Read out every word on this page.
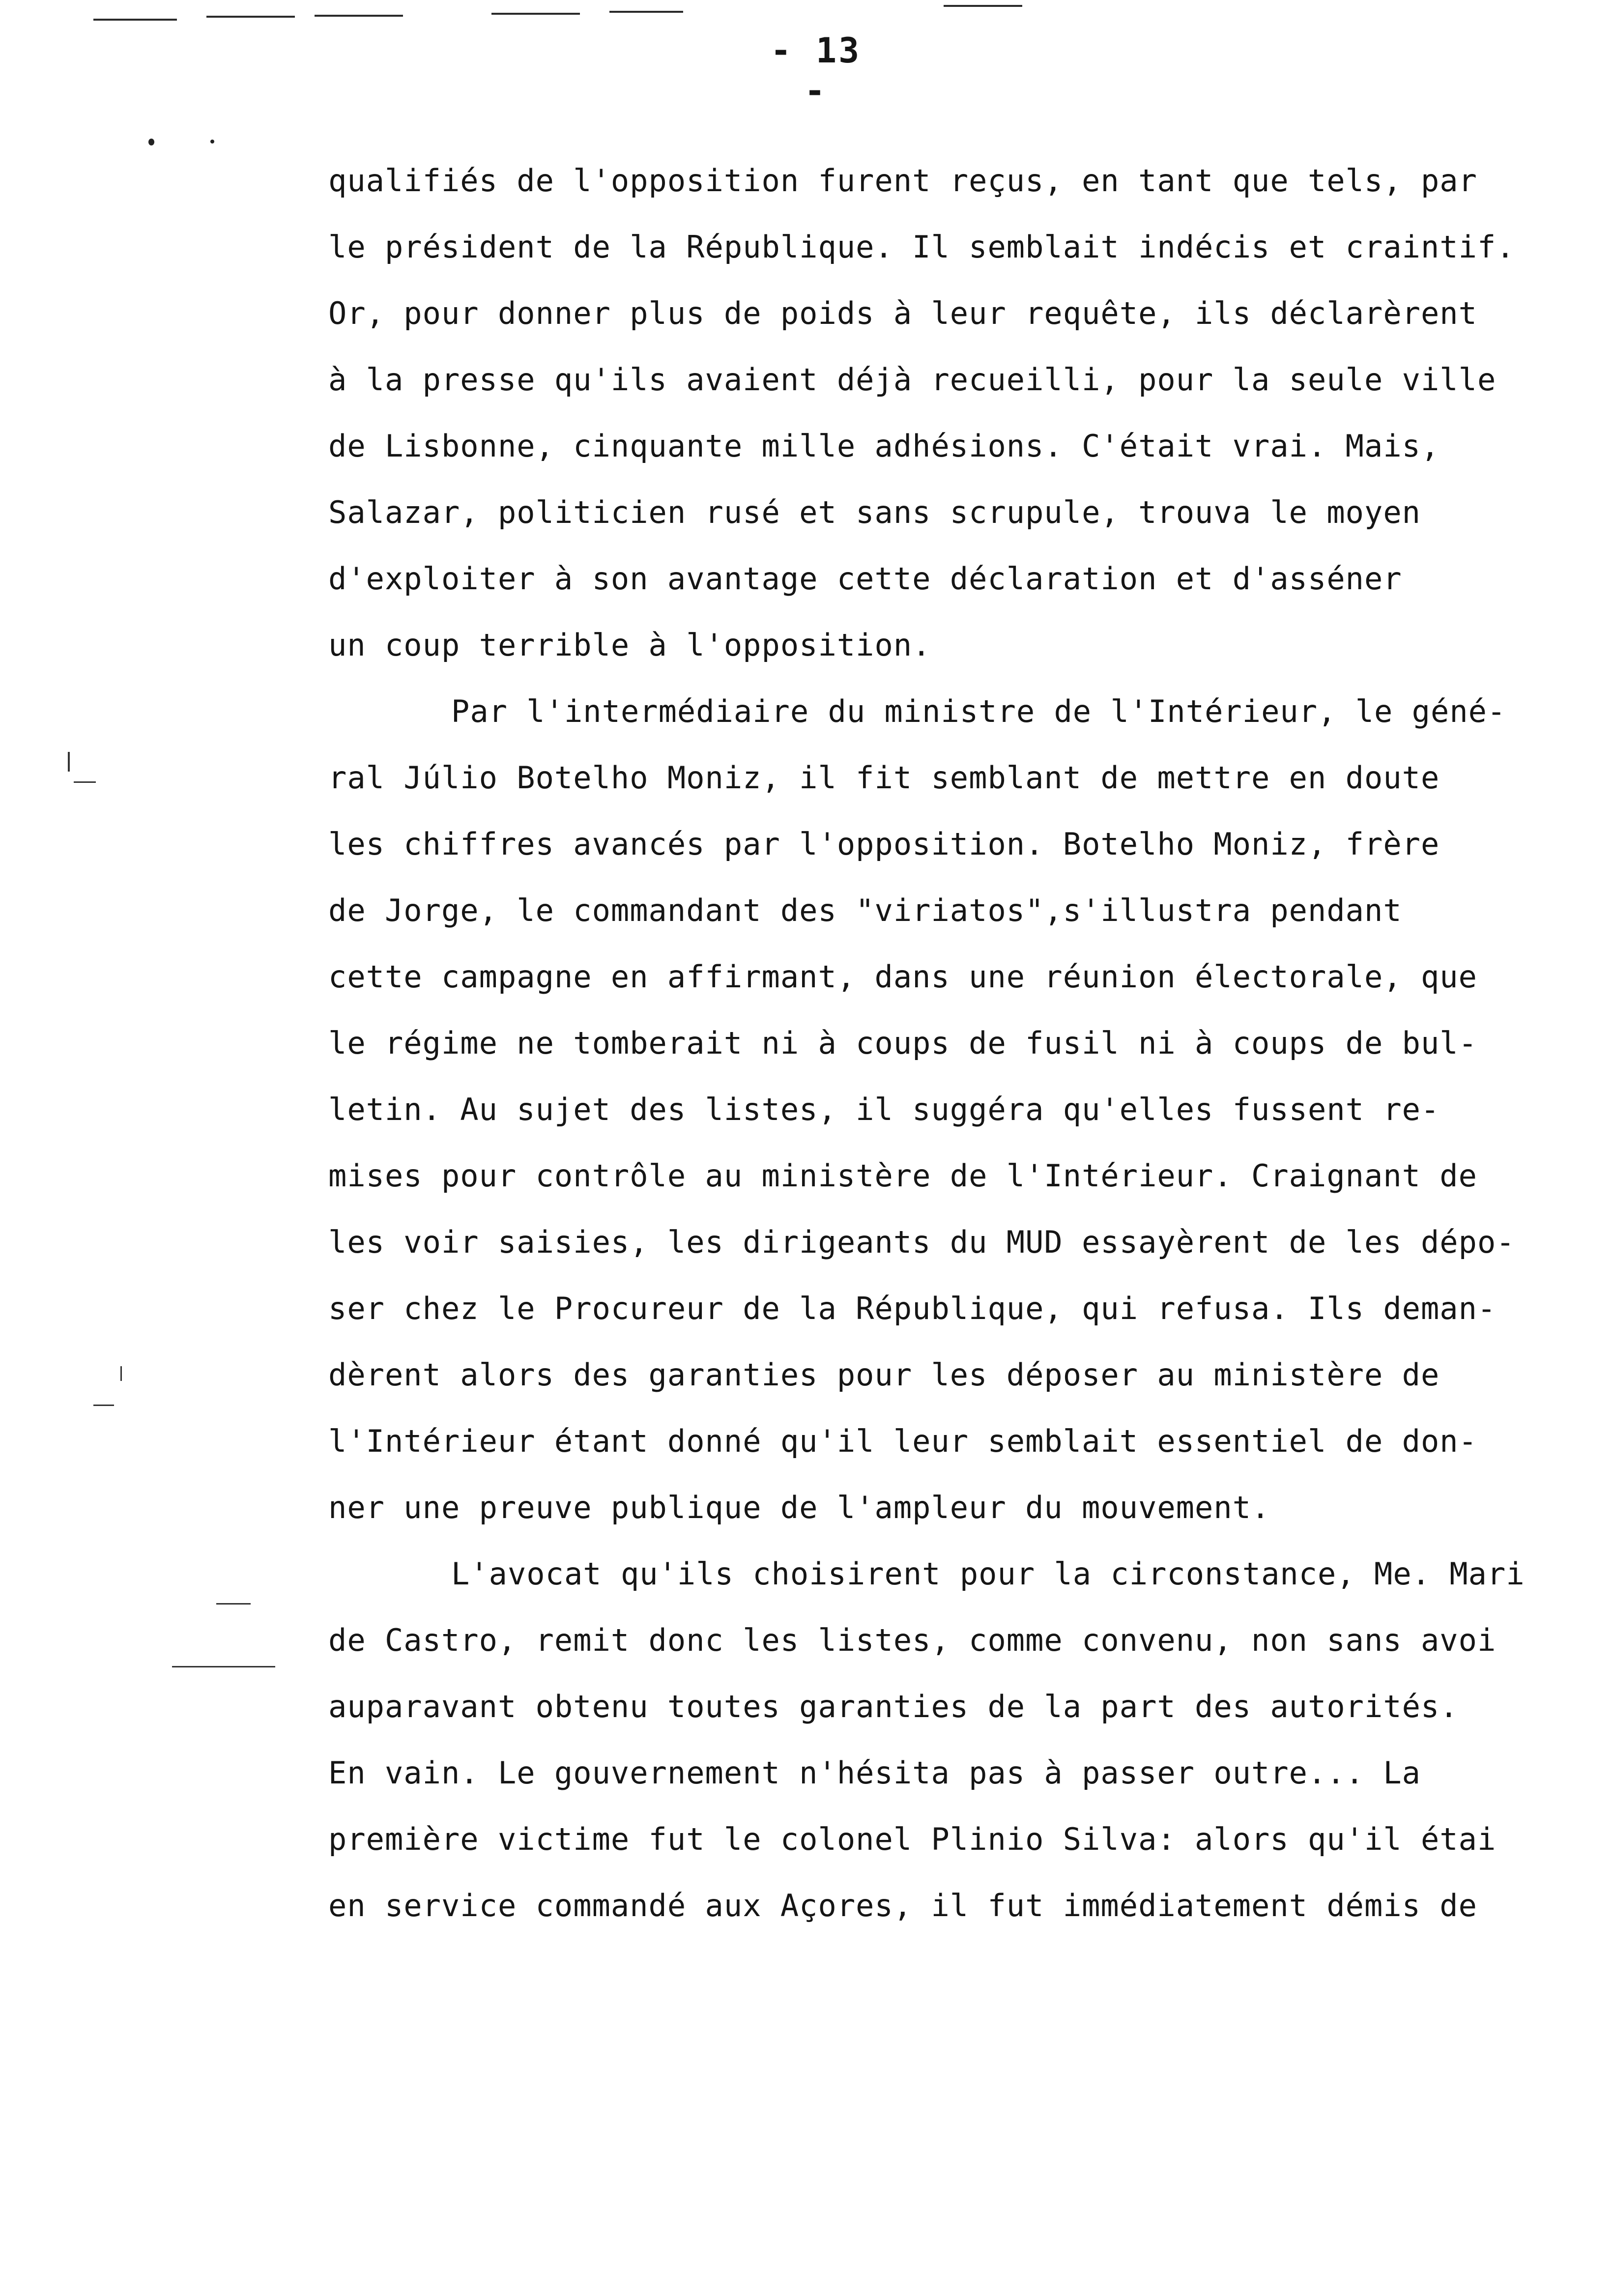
- 13 -
qualifiés de l'opposition furent reçus, en tant que tels, par
le président de la République. Il semblait indécis et craintif.
Or, pour donner plus de poids à leur requête, ils déclarèrent
à la presse qu'ils avaient déjà recueilli, pour la seule ville
de Lisbonne, cinquante mille adhésions. C'était vrai. Mais,
Salazar, politicien rusé et sans scrupule, trouva le moyen
d'exploiter à son avantage cette déclaration et d'asséner
un coup terrible à l'opposition.
Par l'intermédiaire du ministre de l'Intérieur, le géné-
ral Júlio Botelho Moniz, il fit semblant de mettre en doute
les chiffres avancés par l'opposition. Botelho Moniz, frère
de Jorge, le commandant des "viriatos",s'illustra pendant
cette campagne en affirmant, dans une réunion électorale, que
le régime ne tomberait ni à coups de fusil ni à coups de bul-
letin. Au sujet des listes, il suggéra qu'elles fussent re-
mises pour contrôle au ministère de l'Intérieur. Craignant de
les voir saisies, les dirigeants du MUD essayèrent de les dépo-
ser chez le Procureur de la République, qui refusa. Ils deman-
dèrent alors des garanties pour les déposer au ministère de
l'Intérieur étant donné qu'il leur semblait essentiel de don-
ner une preuve publique de l'ampleur du mouvement.
L'avocat qu'ils choisirent pour la circonstance, Me. Mari
de Castro, remit donc les listes, comme convenu, non sans avoi
auparavant obtenu toutes garanties de la part des autorités.
En vain. Le gouvernement n'hésita pas à passer outre... La
première victime fut le colonel Plinio Silva: alors qu'il étai
en service commandé aux Açores, il fut immédiatement démis de
